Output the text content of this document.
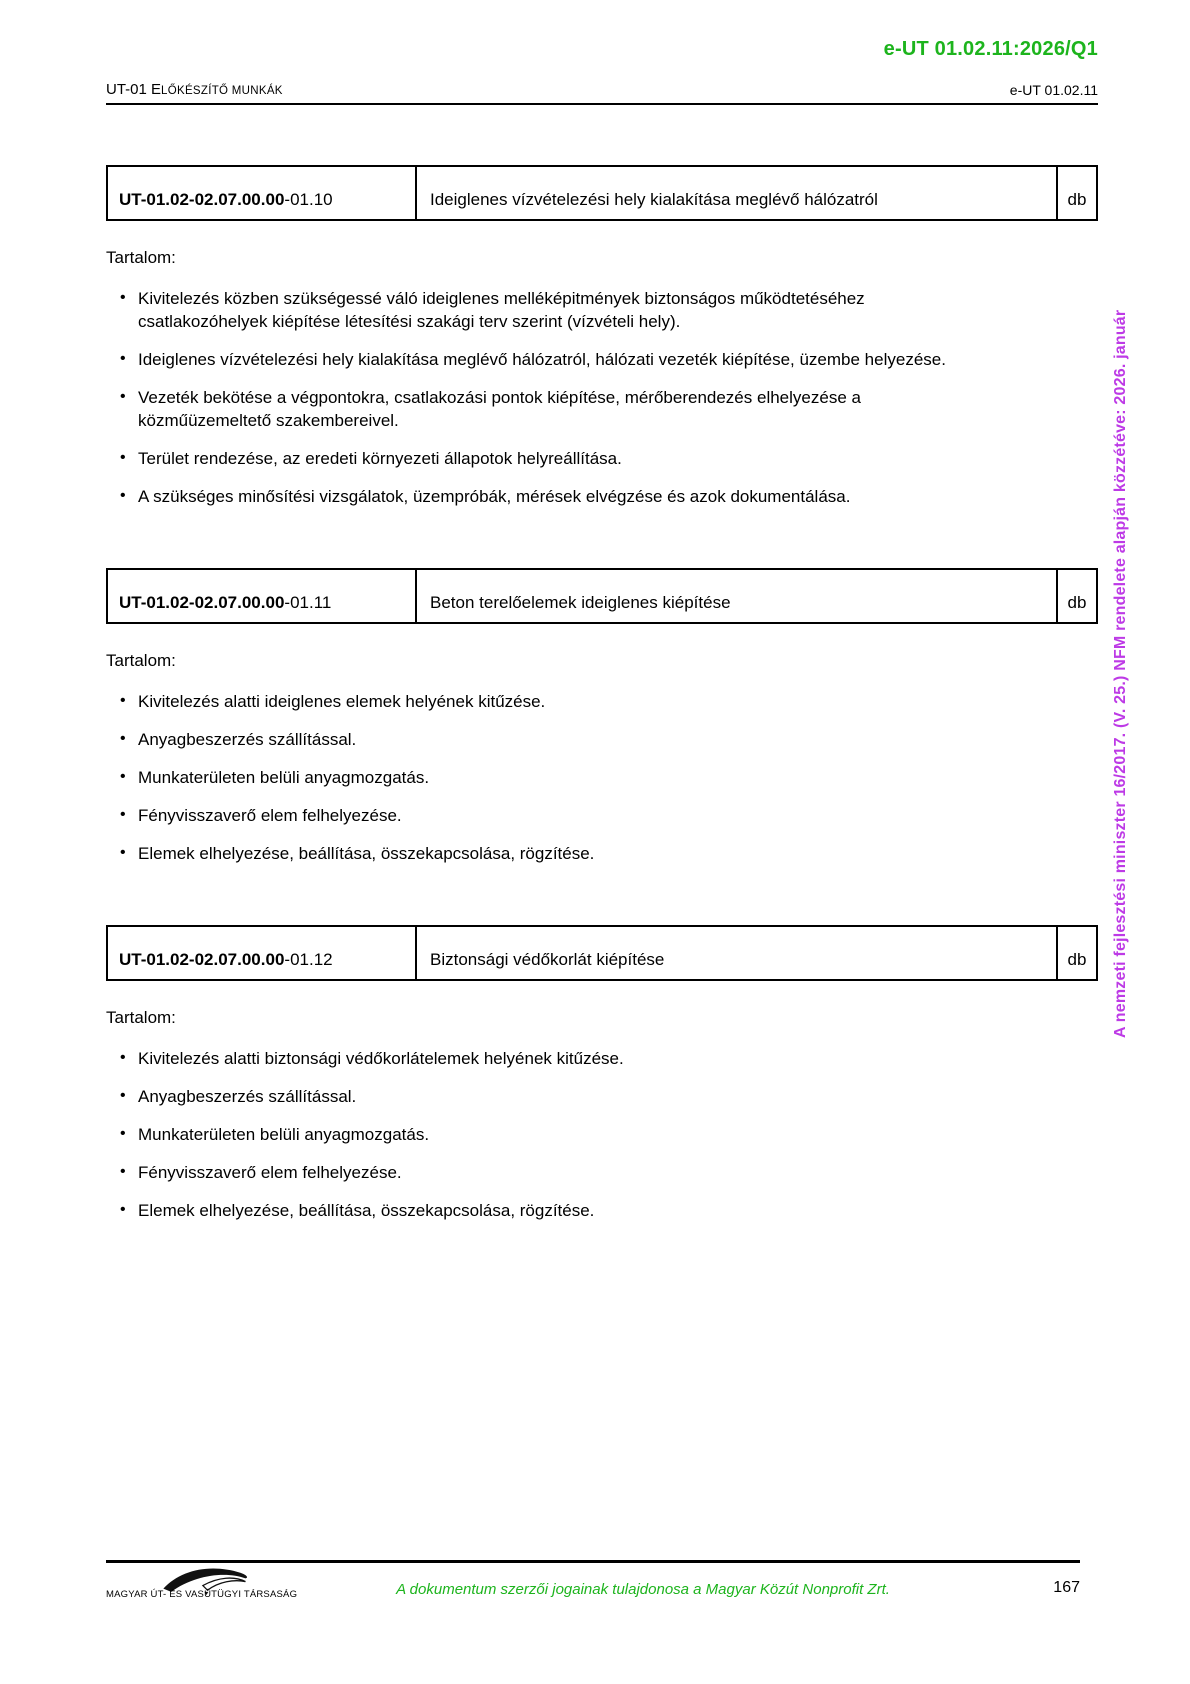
e-UT 01.02.11:2026/Q1
UT-01 ELŐKÉSZÍTŐ MUNKÁK	e-UT 01.02.11
UT-01.02-02.07.00.00 -01.10	Ideiglenes vízvételezési hely kialakítása meglévő hálózatról	db

Tartalom:

• Kivitelezés közben szükségessé váló ideiglenes melléképitmények biztonságos működtetéséhez csatlakozóhelyek kiépítése létesítési szakági terv szerint (vízvételi hely).
• Ideiglenes vízvételezési hely kialakítása meglévő hálózatról, hálózati vezeték kiépítése, üzembe helyezése.
• Vezeték bekötése a végpontokra, csatlakozási pontok kiépítése, mérőberendezés elhelyezése a közműüzemeltető szakembereivel.
• Terület rendezése, az eredeti környezeti állapotok helyreállítása.
• A szükséges minősítési vizsgálatok, üzempróbák, mérések elvégzése és azok dokumentálása.
UT-01.02-02.07.00.00 -01.11	Beton terelőelemek ideiglenes kiépítése	db

Tartalom:

• Kivitelezés alatti ideiglenes elemek helyének kitűzése.
• Anyagbeszerzés szállítással.
• Munkaterületen belüli anyagmozgatás.
• Fényvisszaverő elem felhelyezése.
• Elemek elhelyezése, beállítása, összekapcsolása, rögzítése.
UT-01.02-02.07.00.00 -01.12	Biztonsági védőkorlát kiépítése	db

Tartalom:

• Kivitelezés alatti biztonsági védőkorlátelemek helyének kitűzése.
• Anyagbeszerzés szállítással.
• Munkaterületen belüli anyagmozgatás.
• Fényvisszaverő elem felhelyezése.
• Elemek elhelyezése, beállítása, összekapcsolása, rögzítése.
A nemzeti fejlesztési miniszter 16/2017. (V. 25.) NFM rendelete alapján közzétéve: 2026. január
MAGYAR ÚT- ÉS VASÚTÜGYI TÁRSASÁG	A dokumentum szerzői jogainak tulajdonosa a Magyar Közút Nonprofit Zrt.	167
